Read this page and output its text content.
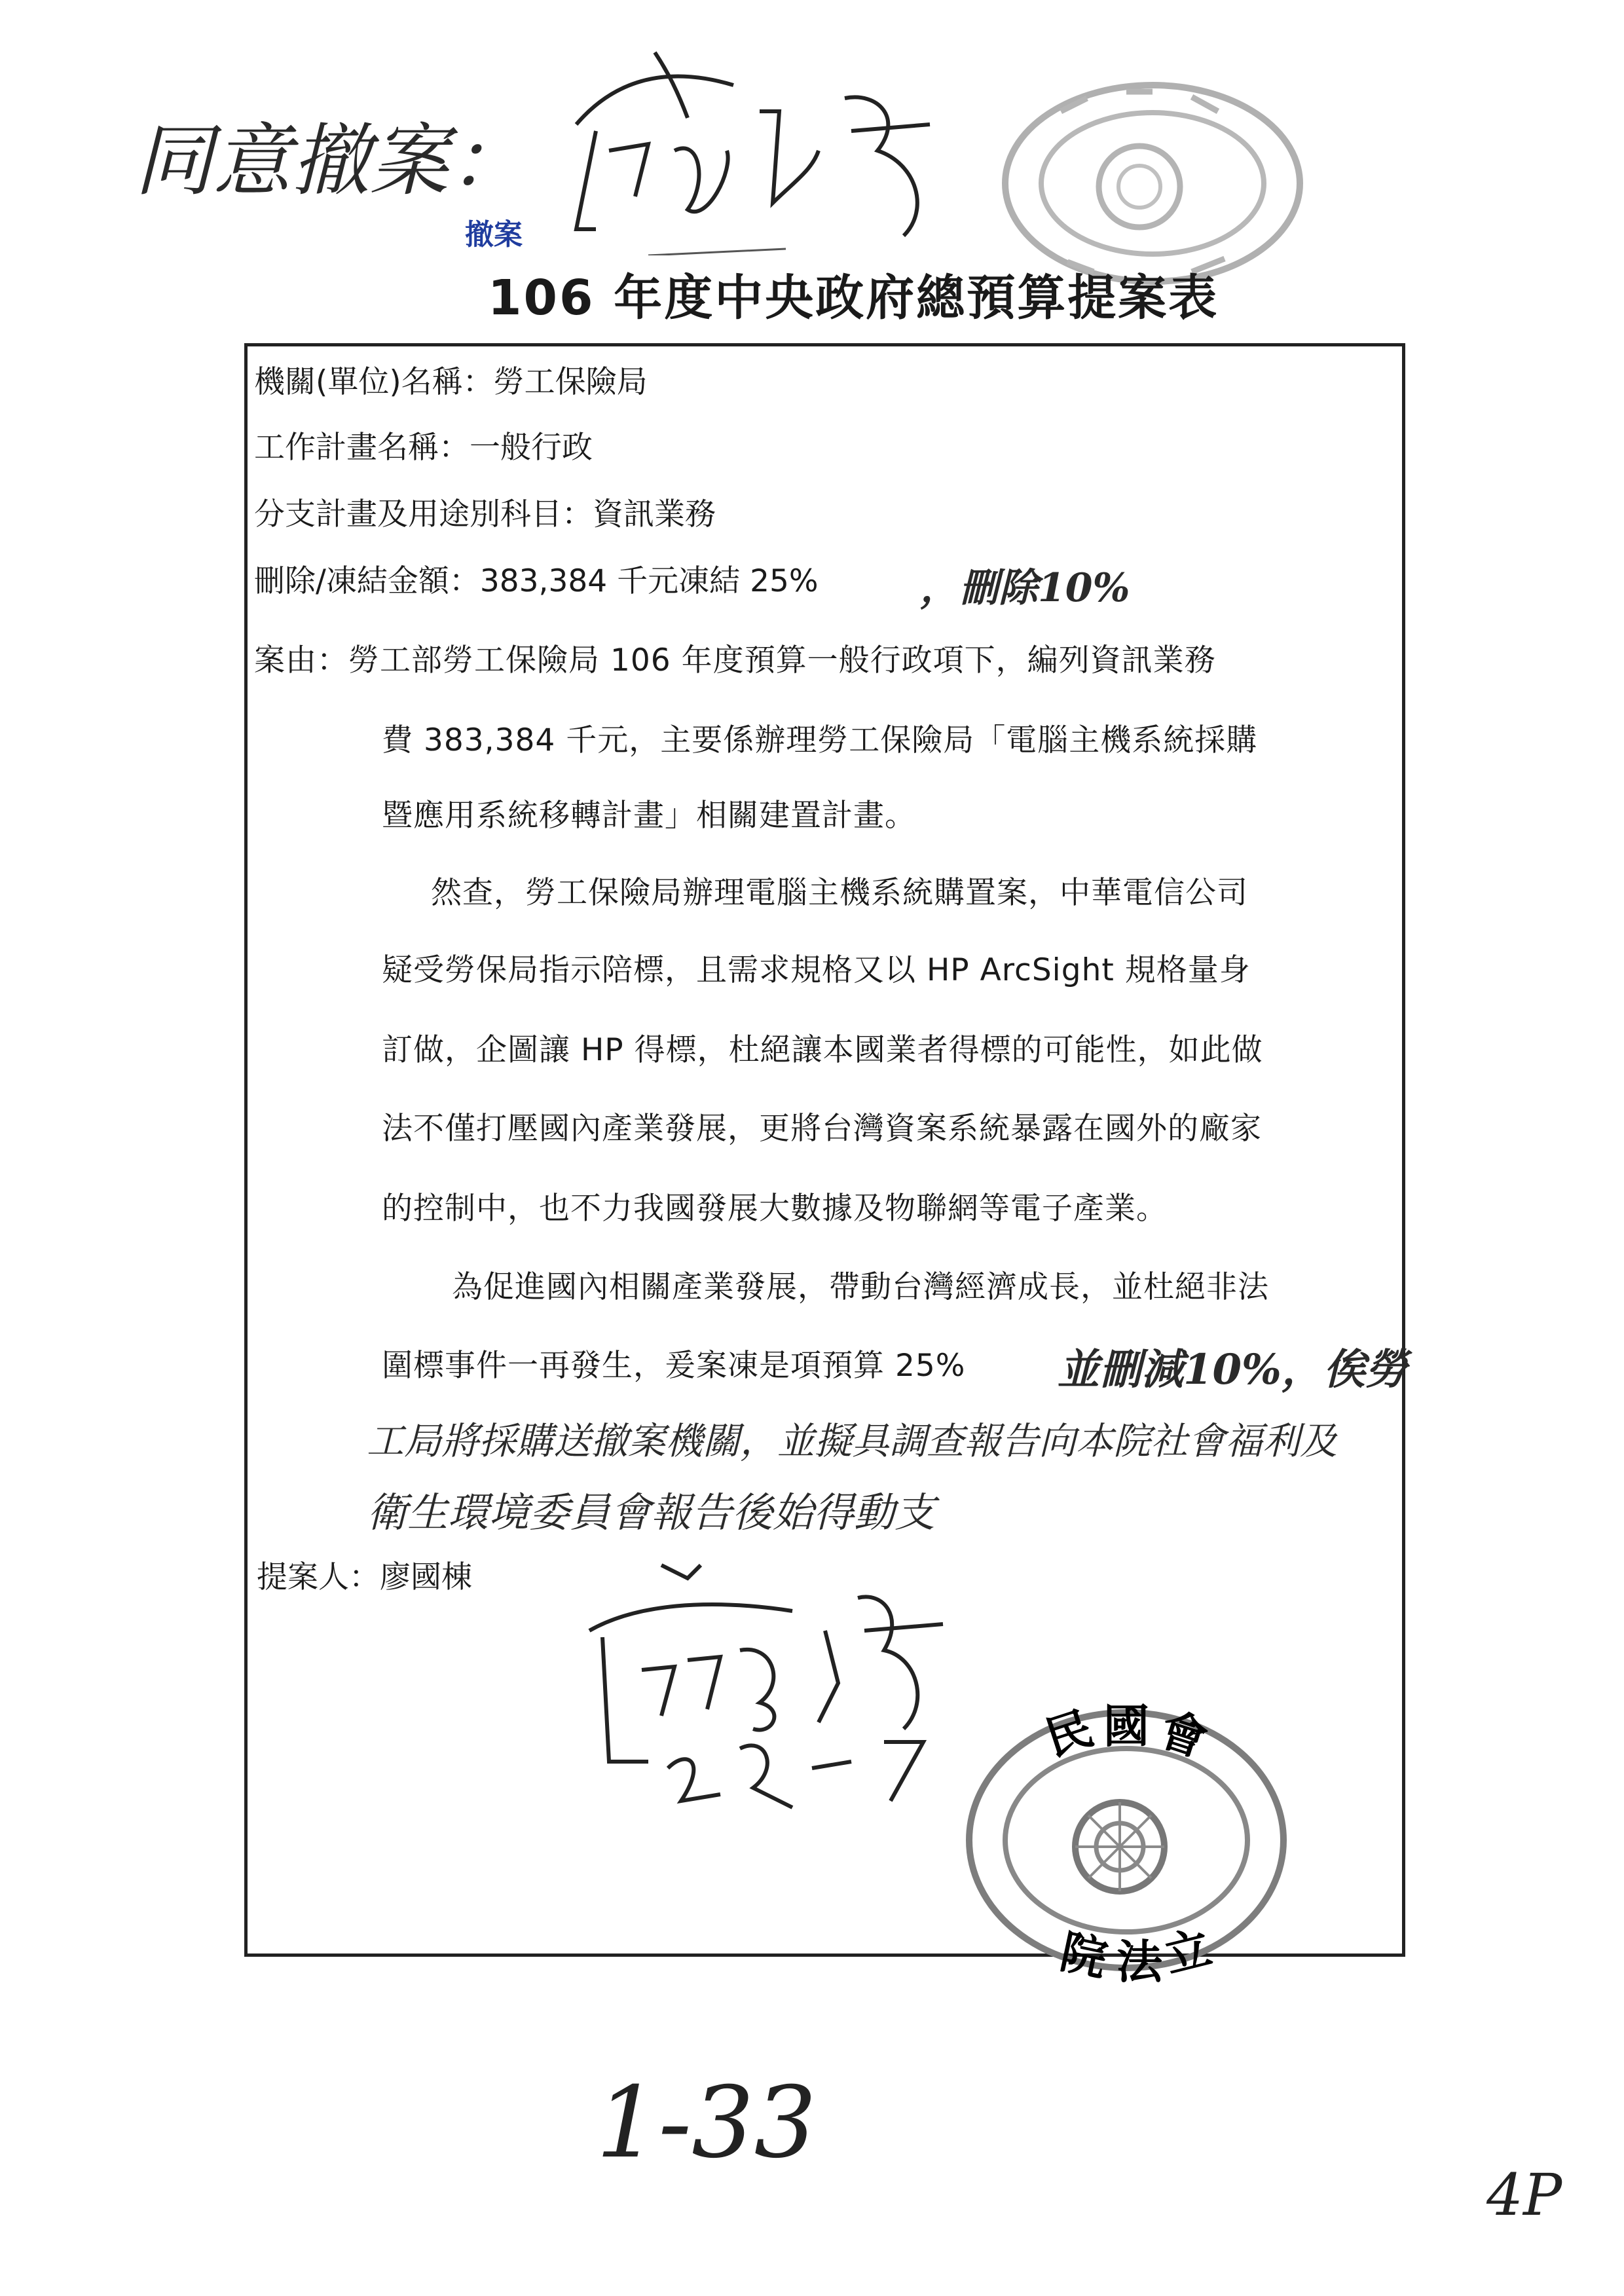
同意撤案：
撤案
106 年度中央政府總預算提案表
機關(單位)名稱：勞工保險局
工作計畫名稱：一般行政
分支計畫及用途別科目：資訊業務
刪除/凍結金額：383,384 千元凍結 25%	，刪除10%
案由：勞工部勞工保險局 106 年度預算一般行政項下，編列資訊業務
費 383,384 千元，主要係辦理勞工保險局「電腦主機系統採購
暨應用系統移轉計畫」相關建置計畫。
然查，勞工保險局辦理電腦主機系統購置案，中華電信公司
疑受勞保局指示陪標，且需求規格又以 HP ArcSight 規格量身
訂做，企圖讓 HP 得標，杜絕讓本國業者得標的可能性，如此做
法不僅打壓國內產業發展，更將台灣資案系統暴露在國外的廠家
的控制中，也不力我國發展大數據及物聯網等電子產業。
為促進國內相關產業發展，帶動台灣經濟成長，並杜絕非法
圍標事件一再發生，爰案凍是項預算 25% 並刪減10%，俟勞
工局將採購送撤案機關，並擬具調查報告向本院社會福利及
衛生環境委員會報告後始得動支
提案人：廖國棟
民 國 會
院 法
立
1-33
4P
